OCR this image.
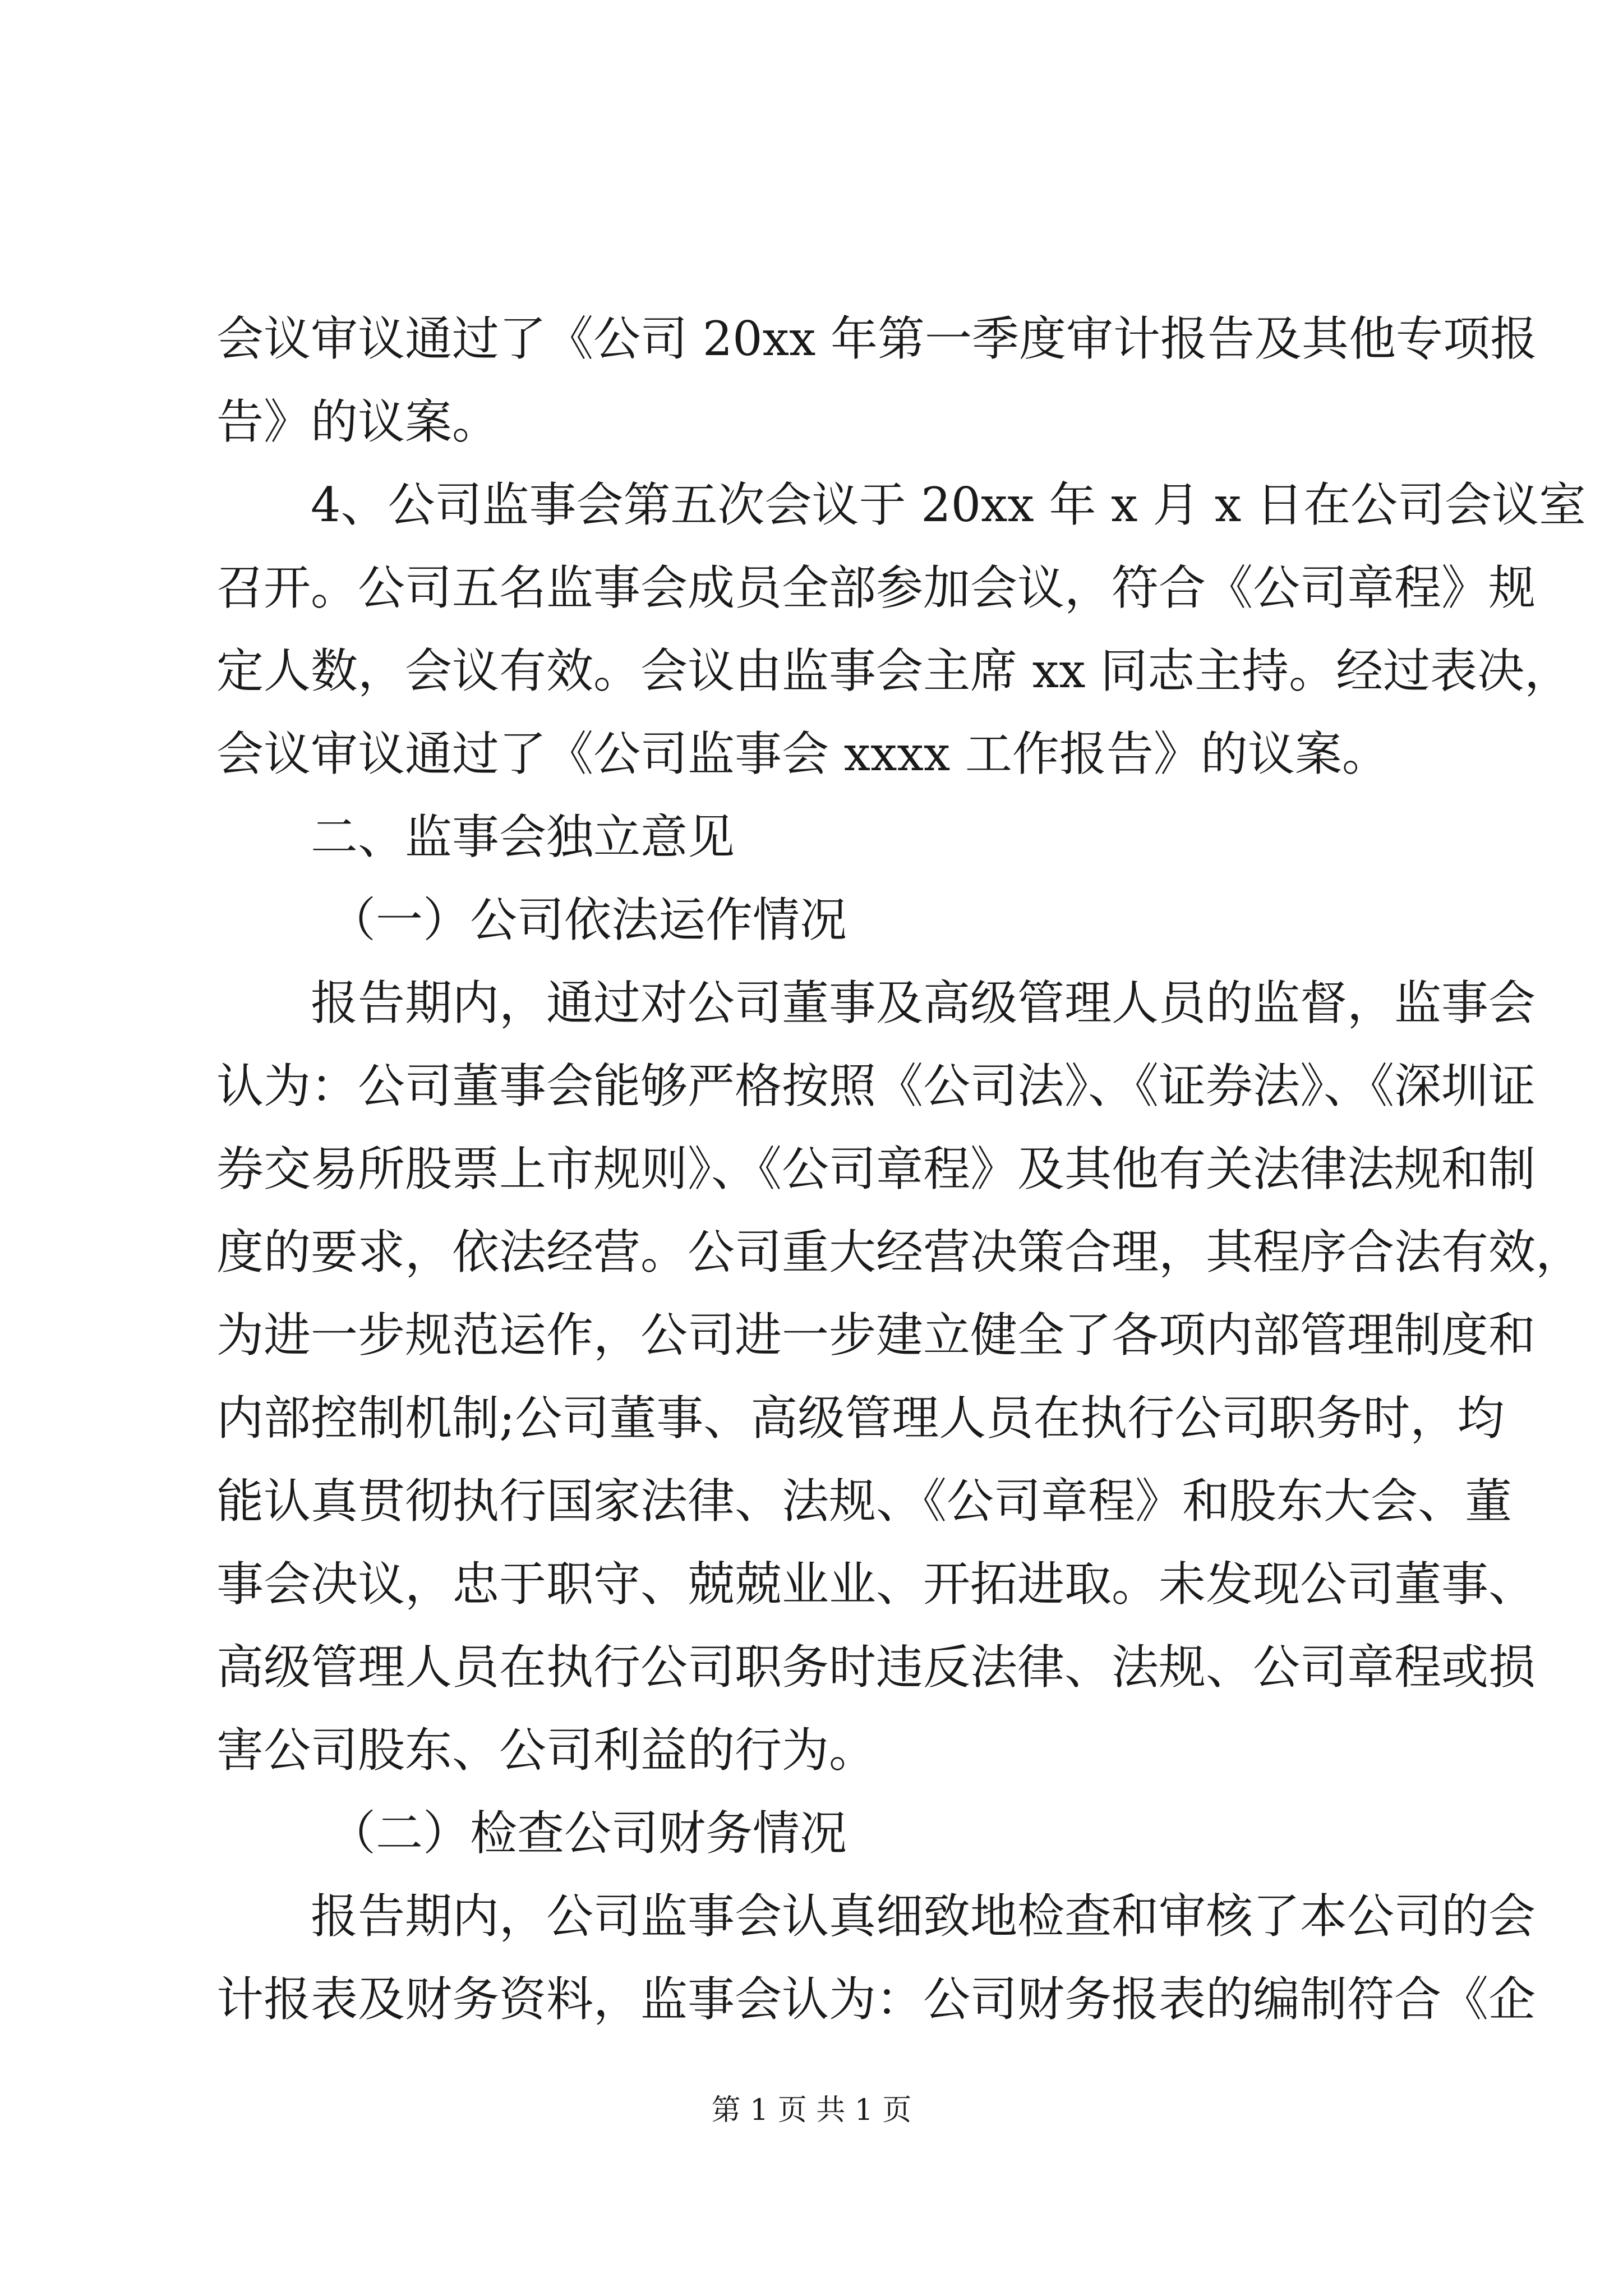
会议审议通过了《公司 20xx 年第一季度审计报告及其他专项报
告》的议案。
4、公司监事会第五次会议于 20xx 年 x 月 x 日在公司会议室
召开。公司五名监事会成员全部参加会议，符合《公司章程》规
定人数，会议有效。会议由监事会主席 xx 同志主持。经过表决，
会议审议通过了《公司监事会 xxxx 工作报告》的议案。
二、监事会独立意见
（一）公司依法运作情况
报告期内，通过对公司董事及高级管理人员的监督，监事会
认为：公司董事会能够严格按照《公司法》、《证券法》、《深圳证
券交易所股票上市规则》、《公司章程》及其他有关法律法规和制
度的要求，依法经营。公司重大经营决策合理，其程序合法有效，
为进一步规范运作，公司进一步建立健全了各项内部管理制度和
内部控制机制;公司董事、高级管理人员在执行公司职务时，均
能认真贯彻执行国家法律、法规、《公司章程》和股东大会、董
事会决议，忠于职守、兢兢业业、开拓进取。未发现公司董事、
高级管理人员在执行公司职务时违反法律、法规、公司章程或损
害公司股东、公司利益的行为。
（二）检查公司财务情况
报告期内，公司监事会认真细致地检查和审核了本公司的会
计报表及财务资料，监事会认为：公司财务报表的编制符合《企
第 1 页 共 1 页
